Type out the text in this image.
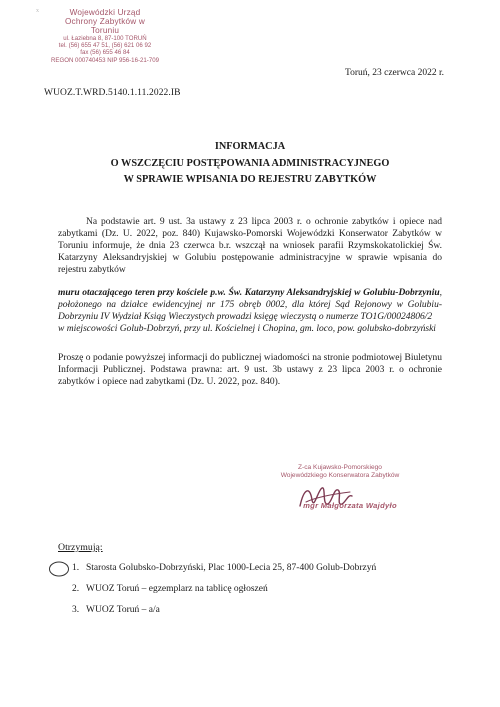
x	Wojewódzki Urząd
Ochrony Zabytków w Toruniu
ul. Łaziebna 8, 87-100 TORUŃ
tel. (56) 655 47 51, (56) 621 06 92
fax (56) 655 46 84
REGON 000740453 NIP 956-16-21-709
Toruń, 23 czerwca 2022 r.
WUOZ.T.WRD.5140.1.11.2022.IB
INFORMACJA
O WSZCZĘCIU POSTĘPOWANIA ADMINISTRACYJNEGO
W SPRAWIE WPISANIA DO REJESTRU ZABYTKÓW

Na podstawie art. 9 ust. 3a ustawy z 23 lipca 2003 r. o ochronie zabytków i opiece nad zabytkami (Dz. U. 2022, poz. 840) Kujawsko-Pomorski Wojewódzki Konserwator Zabytków w Toruniu informuje, że dnia 23 czerwca b.r. wszczął na wniosek parafii Rzymskokatolickiej Św. Katarzyny Aleksandryjskiej w Golubiu postępowanie administracyjne w sprawie wpisania do rejestru zabytków

muru otaczającego teren przy kościele p.w. Św. Katarzyny Aleksandryjskiej w Golubiu-Dobrzyniu, położonego na działce ewidencyjnej nr 175 obręb 0002, dla której Sąd Rejonowy w Golubiu-Dobrzyniu IV Wydział Ksiąg Wieczystych prowadzi księgę wieczystą o numerze TO1G/00024806/2
w miejscowości Golub-Dobrzyń, przy ul. Kościelnej i Chopina, gm. loco, pow. golubsko-dobrzyński

Proszę o podanie powyższej informacji do publicznej wiadomości na stronie podmiotowej Biuletynu Informacji Publicznej. Podstawa prawna: art. 9 ust. 3b ustawy z 23 lipca 2003 r. o ochronie zabytków i opiece nad zabytkami (Dz. U. 2022, poz. 840).

Z-ca Kujawsko-Pomorskiego
Wojewódzkiego Konserwatora Zabytków
mgr Małgorzata Wajdyło
Otrzymują:
1. Starosta Golubsko-Dobrzyński, Plac 1000-Lecia 25, 87-400 Golub-Dobrzyń
2. WUOZ Toruń – egzemplarz na tablicę ogłoszeń
3. WUOZ Toruń – a/a
